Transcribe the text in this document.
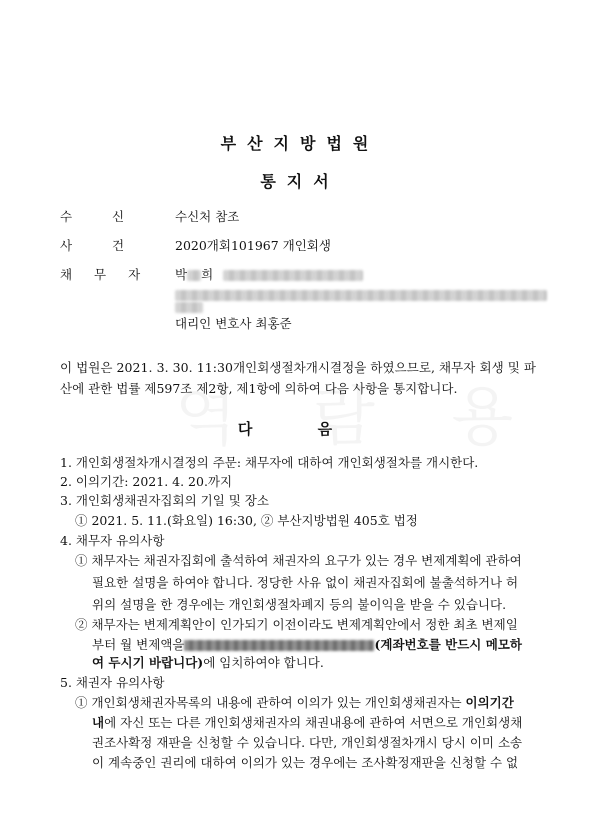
부산지방법원
통지서
수 신	수신처 참조
사 건	2020개회101967 개인회생
채 무 자 박 희
대리인 변호사 최홍준
이 법원은 2021. 3. 30. 11:30개인회생절차개시결정을 하였으므로, 채무자 회생 및 파
산에 관한 법률 제597조 제2항, 제1항에 의하여 다음 사항을 통지합니다.
다 음
1. 개인회생절차개시결정의 주문: 채무자에 대하여 개인회생절차를 개시한다.
2. 이의기간: 2021. 4. 20.까지
3. 개인회생채권자집회의 기일 및 장소
① 2021. 5. 11.(화요일) 16:30, ② 부산지방법원 405호 법정
4. 채무자 유의사항
① 채무자는 채권자집회에 출석하여 채권자의 요구가 있는 경우 변제계획에 관하여
필요한 설명을 하여야 합니다. 정당한 사유 없이 채권자집회에 불출석하거나 허
위의 설명을 한 경우에는 개인회생절차폐지 등의 불이익을 받을 수 있습니다.
② 채무자는 변제계획안이 인가되기 이전이라도 변제계획안에서 정한 최초 변제일
부터 월 변제액을	(계좌번호를 반드시 메모하
여 두시기 바랍니다)에 임치하여야 합니다.
5. 채권자 유의사항
① 개인회생채권자목록의 내용에 관하여 이의가 있는 개인회생채권자는 이의기간
내에 자신 또는 다른 개인회생채권자의 채권내용에 관하여 서면으로 개인회생채
권조사확정 재판을 신청할 수 있습니다. 다만, 개인회생절차개시 당시 이미 소송
이 계속중인 권리에 대하여 이의가 있는 경우에는 조사확정재판을 신청할 수 없
